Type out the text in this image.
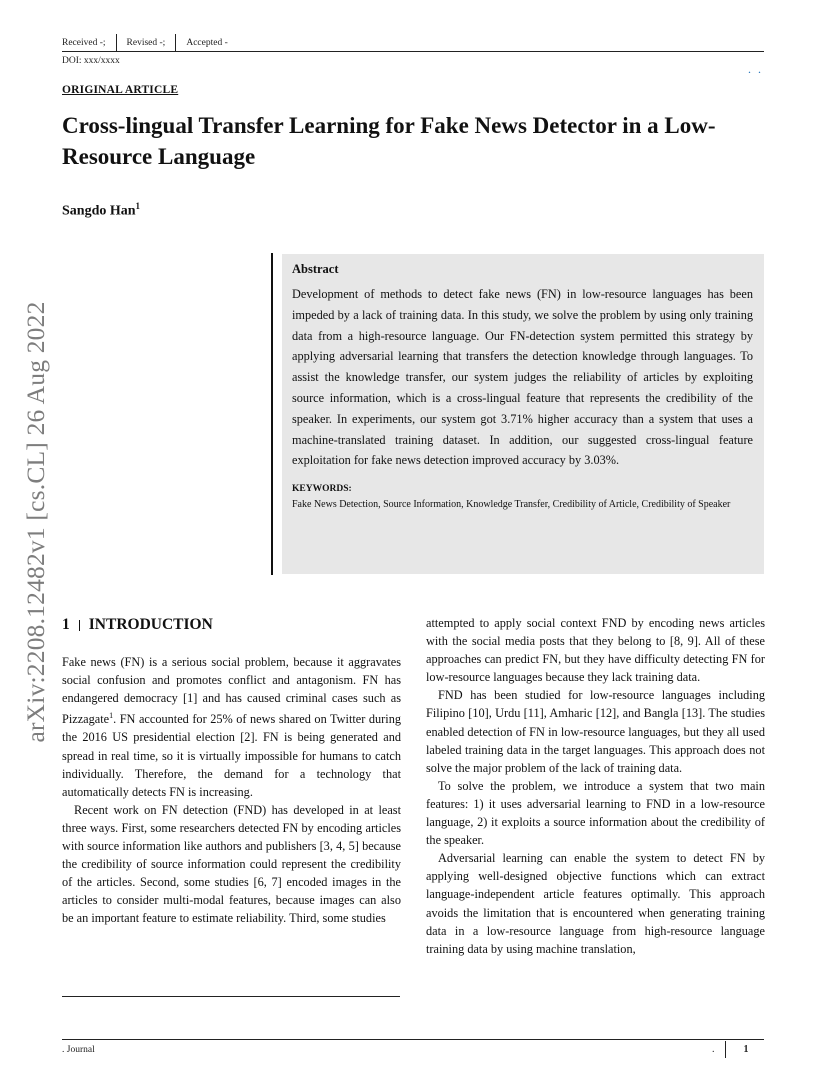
Received -;	Revised -;	Accepted -
DOI: xxx/xxxx
. .
ORIGINAL ARTICLE
Cross-lingual Transfer Learning for Fake News Detector in a Low-Resource Language
Sangdo Han$^1$
arXiv:2208.12482v1 [cs.CL] 26 Aug 2022
Abstract

Development of methods to detect fake news (FN) in low-resource languages has been impeded by a lack of training data. In this study, we solve the problem by using only training data from a high-resource language. Our FN-detection system permitted this strategy by applying adversarial learning that transfers the detection knowledge through languages. To assist the knowledge transfer, our system judges the reliability of articles by exploiting source information, which is a cross-lingual feature that represents the credibility of the speaker. In experiments, our system got 3.71% higher accuracy than a system that uses a machine-translated training dataset. In addition, our suggested cross-lingual feature exploitation for fake news detection improved accuracy by 3.03%.

KEYWORDS:

Fake News Detection, Source Information, Knowledge Transfer, Credibility of Article, Credibility of Speaker

1 INTRODUCTION

Fake news (FN) is a serious social problem, because it aggravates social confusion and promotes conflict and antagonism. FN has endangered democracy [1] and has caused criminal cases such as Pizzagate$^1$. FN accounted for 25% of news shared on Twitter during the 2016 US presidential election [2]. FN is being generated and spread in real time, so it is virtually impossible for humans to catch individually. Therefore, the demand for a technology that automatically detects FN is increasing.

Recent work on FN detection (FND) has developed in at least three ways. First, some researchers detected FN by encoding articles with source information like authors and publishers [3, 4, 5] because the credibility of source information could represent the credibility of the articles. Second, some studies [6, 7] encoded images in the articles to consider multi-modal features, because images can also be an important feature to estimate reliability. Third, some studies

attempted to apply social context FND by encoding news articles with the social media posts that they belong to [8, 9]. All of these approaches can predict FN, but they have difficulty detecting FN for low-resource languages because they lack training data.

FND has been studied for low-resource languages including Filipino [10], Urdu [11], Amharic [12], and Bangla [13]. The studies enabled detection of FN in low-resource languages, but they all used labeled training data in the target languages. This approach does not solve the major problem of the lack of training data.

To solve the problem, we introduce a system that two main features: 1) it uses adversarial learning to FND in a low-resource language, 2) it exploits a source information about the credibility of the speaker.

Adversarial learning can enable the system to detect FN by applying well-designed objective functions which can extract language-independent article features optimally. This approach avoids the limitation that is encountered when generating training data in a low-resource language from high-resource language training data by using machine translation,

. Journal	.	1
